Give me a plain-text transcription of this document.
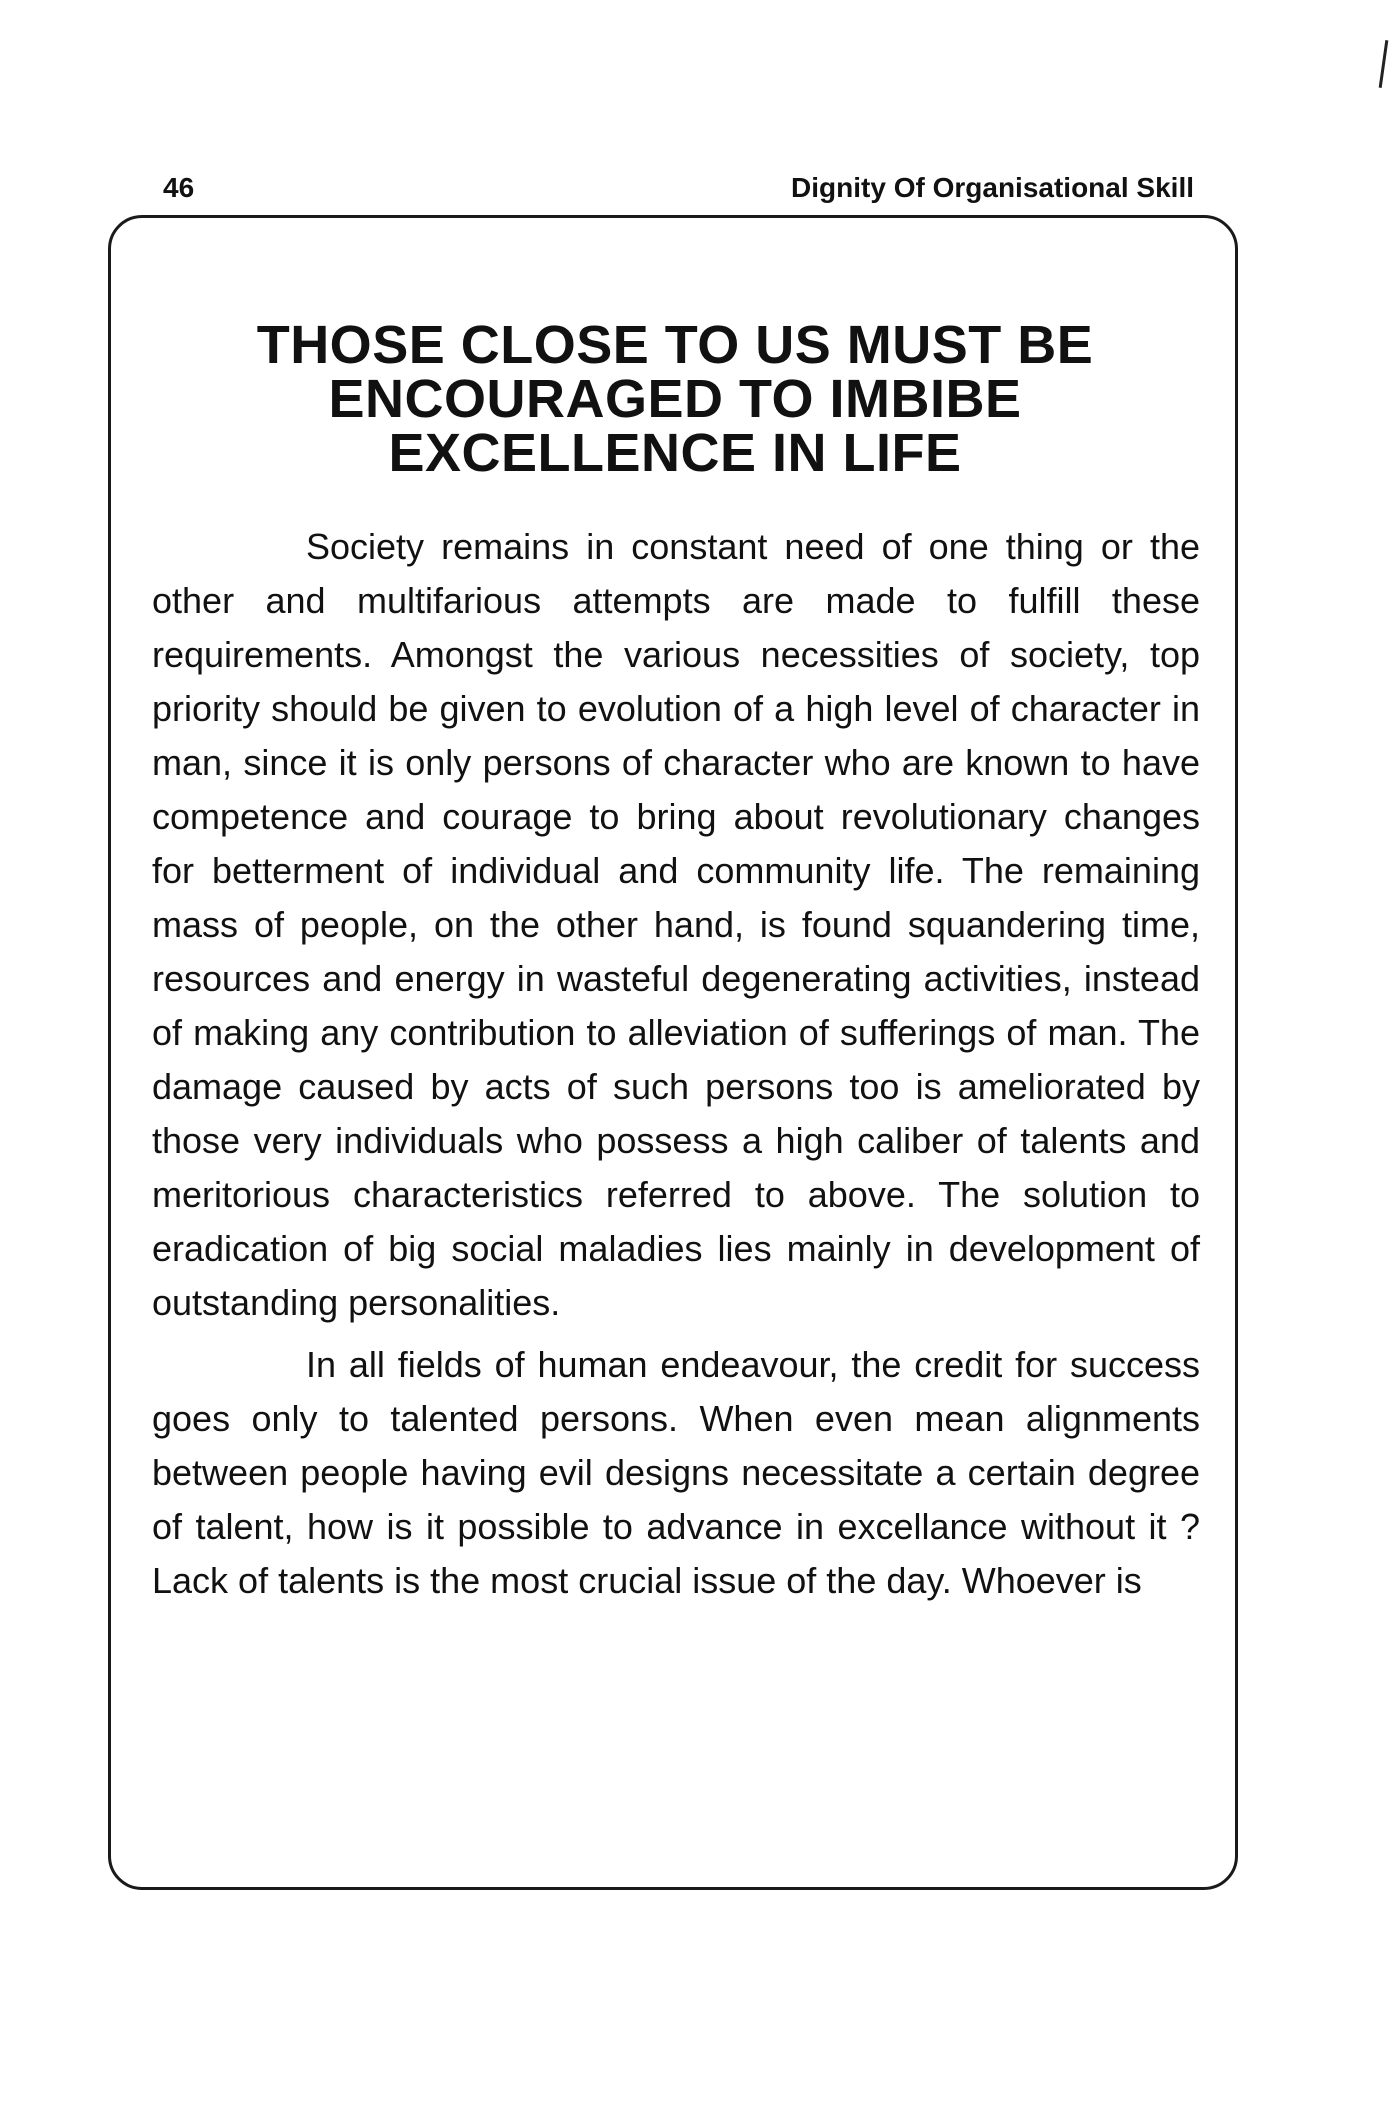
46	Dignity Of Organisational Skill
THOSE CLOSE TO US MUST BE
ENCOURAGED TO IMBIBE
EXCELLENCE IN LIFE

Society remains in constant need of one thing or the other and multifarious attempts are made to fulfill these requirements. Amongst the various necessities of society, top priority should be given to evolution of a high level of character in man, since it is only persons of character who are known to have competence and courage to bring about revolutionary changes for betterment of individual and community life. The remaining mass of people, on the other hand, is found squandering time, resources and energy in wasteful degenerating activities, instead of making any contribution to alleviation of sufferings of man. The damage caused by acts of such persons too is ameliorated by those very individuals who possess a high caliber of talents and meritorious characteristics referred to above. The solution to eradication of big social maladies lies mainly in development of outstanding personalities.

In all fields of human endeavour, the credit for success goes only to talented persons. When even mean alignments between people having evil designs necessitate a certain degree of talent, how is it possible to advance in excellance without it ? Lack of talents is the most crucial issue of the day. Whoever is
